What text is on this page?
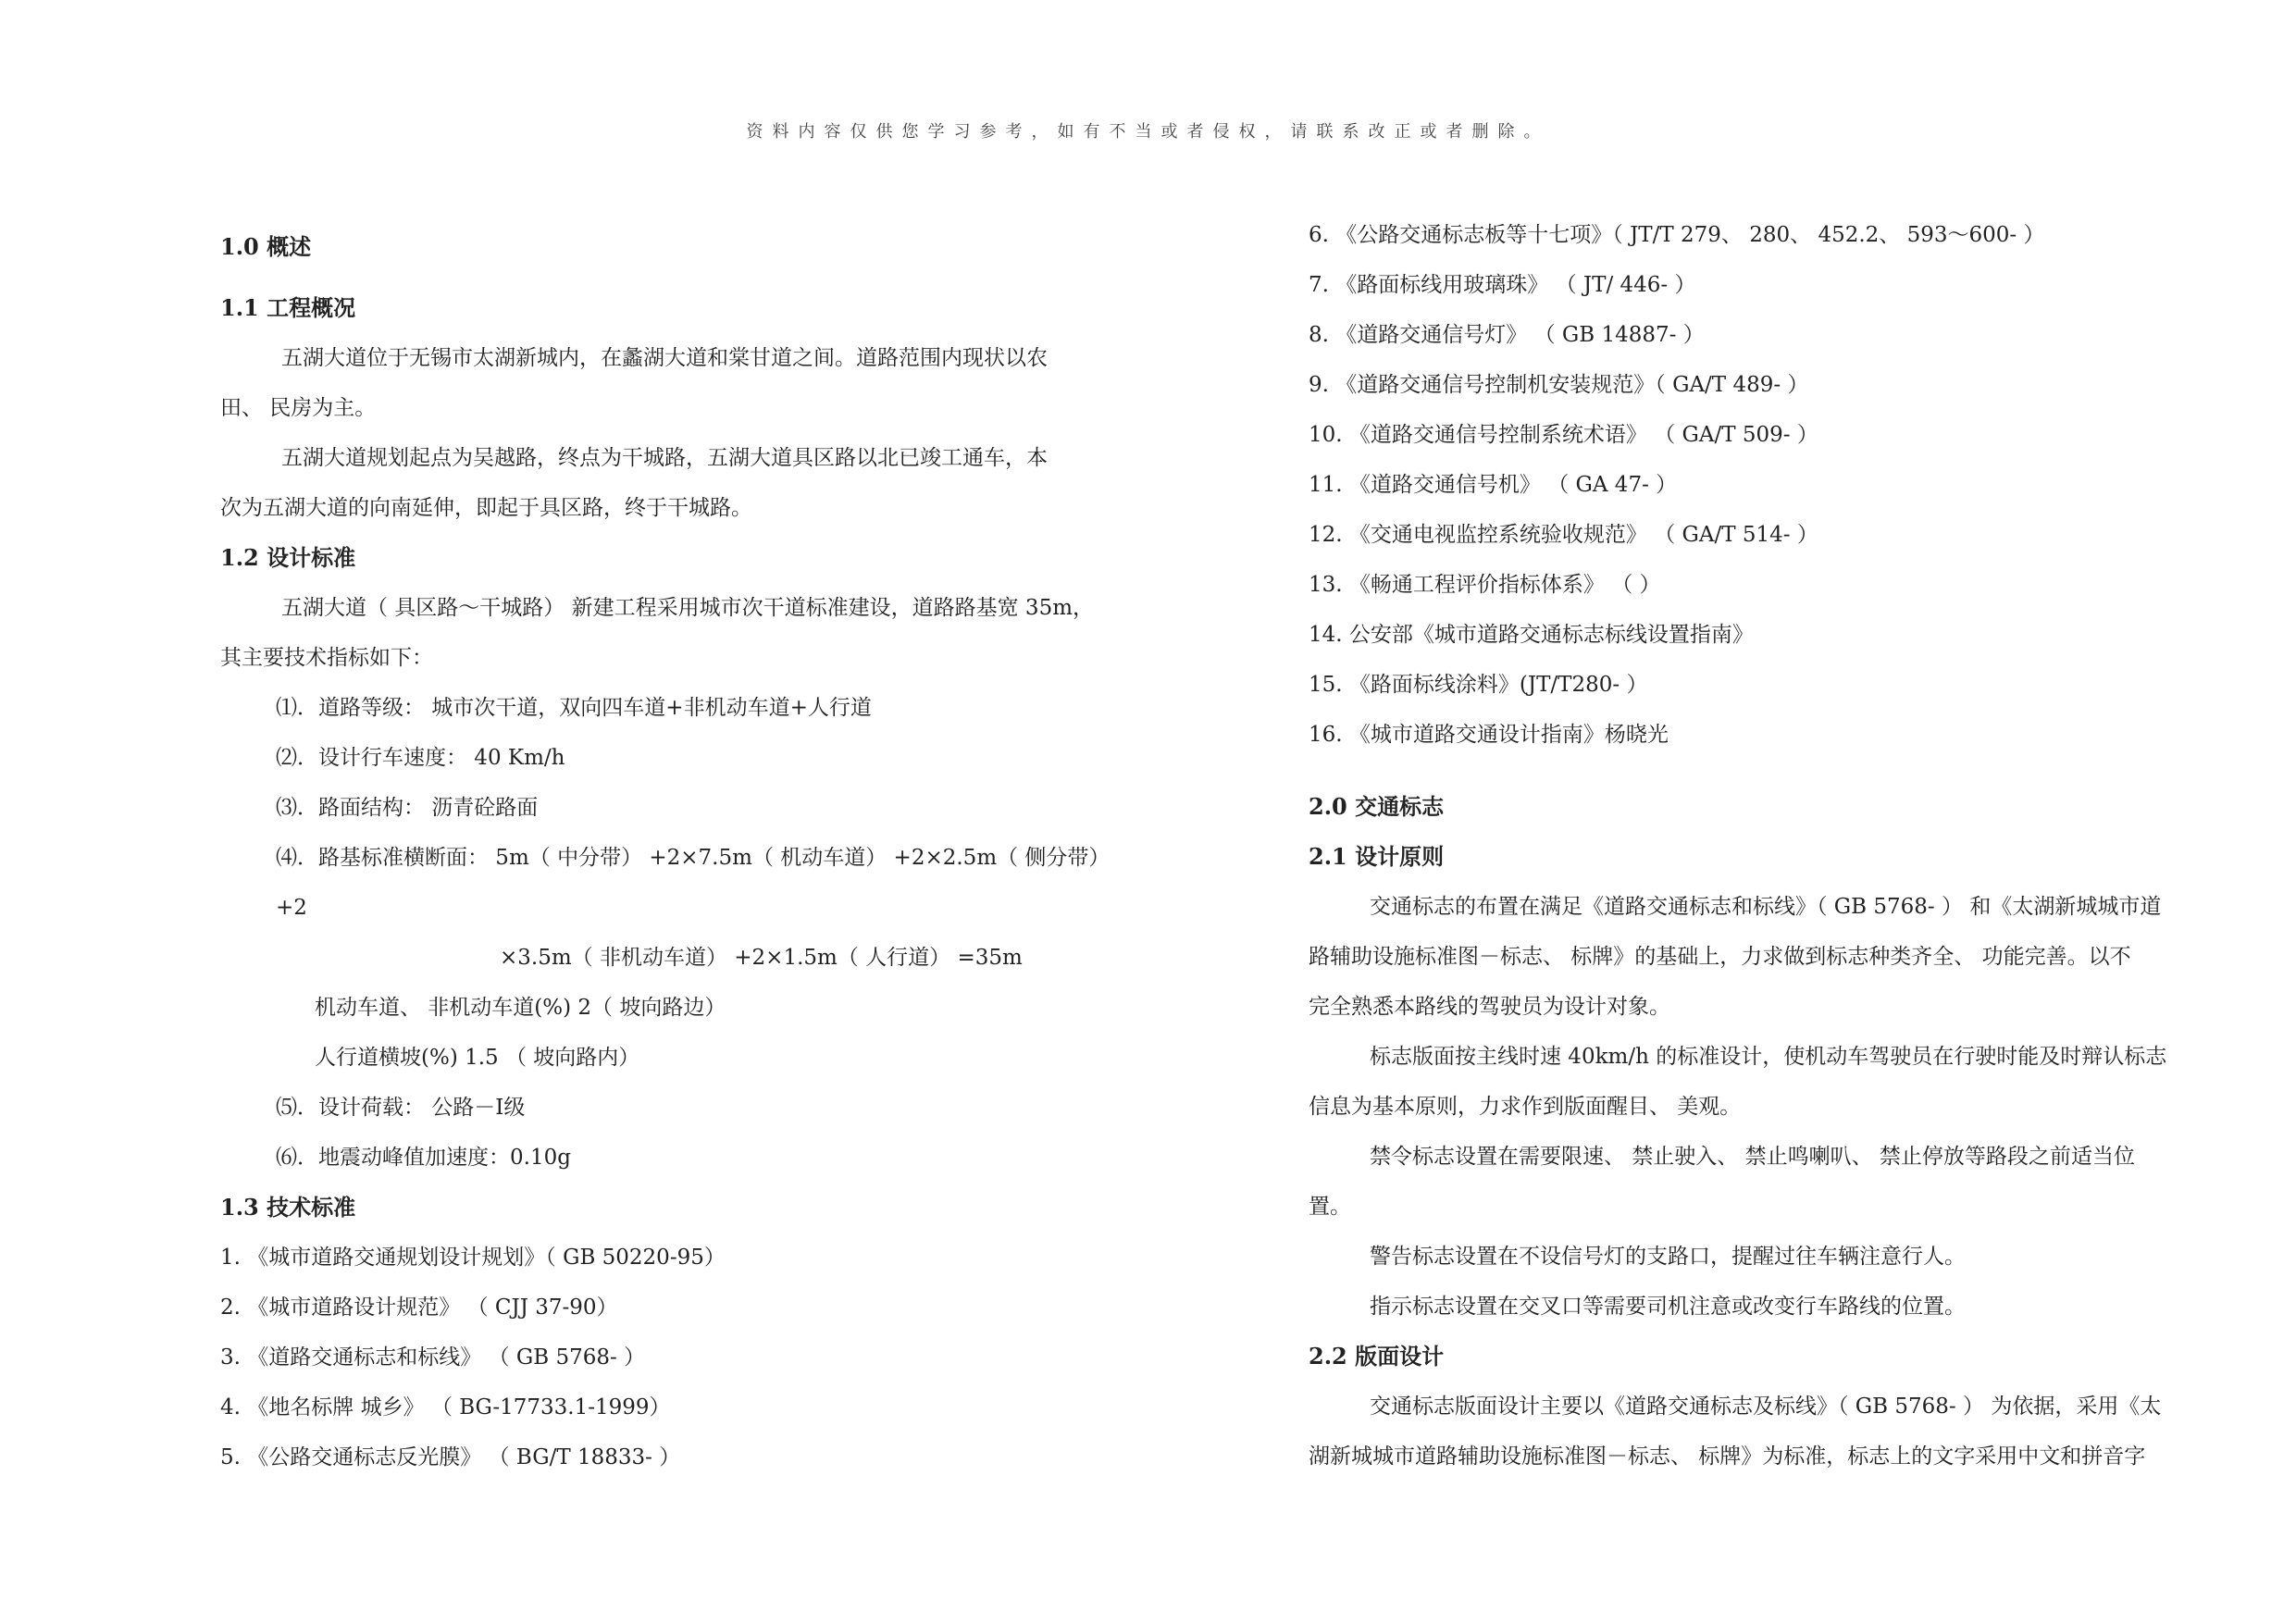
资料内容仅供您学习参考，如有不当或者侵权，请联系改正或者删除。

1.0 概述

1.1 工程概况

五湖大道位于无锡市太湖新城内，在蠡湖大道和棠甘道之间。道路范围内现状以农

田、 民房为主。

五湖大道规划起点为吴越路，终点为干城路，五湖大道具区路以北已竣工通车，本

次为五湖大道的向南延伸，即起于具区路，终于干城路。

1.2 设计标准

五湖大道（ 具区路～干城路） 新建工程采用城市次干道标准建设，道路路基宽 35m，

其主要技术指标如下：

⑴．道路等级： 城市次干道，双向四车道+非机动车道+人行道

⑵．设计行车速度： 40 Km/h

⑶．路面结构： 沥青砼路面

⑷．路基标准横断面： 5m（ 中分带） +2×7.5m（ 机动车道） +2×2.5m（ 侧分带） +2

×3.5m（ 非机动车道） +2×1.5m（ 人行道） =35m

机动车道、 非机动车道(%) 2（ 坡向路边）

人行道横坡(%) 1.5 （ 坡向路内）

⑸．设计荷载： 公路－Ⅰ级

⑹．地震动峰值加速度：0.10g

1.3 技术标准

1. 《城市道路交通规划设计规划》（ GB 50220-95）

2. 《城市道路设计规范》 （ CJJ 37-90）

3. 《道路交通标志和标线》 （ GB 5768- ）

4. 《地名标牌 城乡》 （ BG-17733.1-1999）

5. 《公路交通标志反光膜》 （ BG/T 18833- ）

6. 《公路交通标志板等十七项》（ JT/T 279、 280、 452.2、 593～600- ）

7. 《路面标线用玻璃珠》 （ JT/ 446- ）

8. 《道路交通信号灯》 （ GB 14887- ）

9. 《道路交通信号控制机安装规范》（ GA/T 489- ）

10. 《道路交通信号控制系统术语》 （ GA/T 509- ）

11. 《道路交通信号机》 （ GA 47- ）

12. 《交通电视监控系统验收规范》 （ GA/T 514- ）

13. 《畅通工程评价指标体系》 （ ）

14. 公安部《城市道路交通标志标线设置指南》

15. 《路面标线涂料》(JT/T280- ）

16. 《城市道路交通设计指南》杨晓光

2.0 交通标志

2.1 设计原则

交通标志的布置在满足《道路交通标志和标线》（ GB 5768- ） 和《太湖新城城市道

路辅助设施标准图－标志、 标牌》的基础上，力求做到标志种类齐全、 功能完善。以不

完全熟悉本路线的驾驶员为设计对象。

标志版面按主线时速 40km/h 的标准设计，使机动车驾驶员在行驶时能及时辩认标志

信息为基本原则，力求作到版面醒目、 美观。

禁令标志设置在需要限速、 禁止驶入、 禁止鸣喇叭、 禁止停放等路段之前适当位

置。

警告标志设置在不设信号灯的支路口，提醒过往车辆注意行人。

指示标志设置在交叉口等需要司机注意或改变行车路线的位置。

2.2 版面设计

交通标志版面设计主要以《道路交通标志及标线》（ GB 5768- ） 为依据，采用《太

湖新城城市道路辅助设施标准图－标志、 标牌》为标准，标志上的文字采用中文和拼音字
